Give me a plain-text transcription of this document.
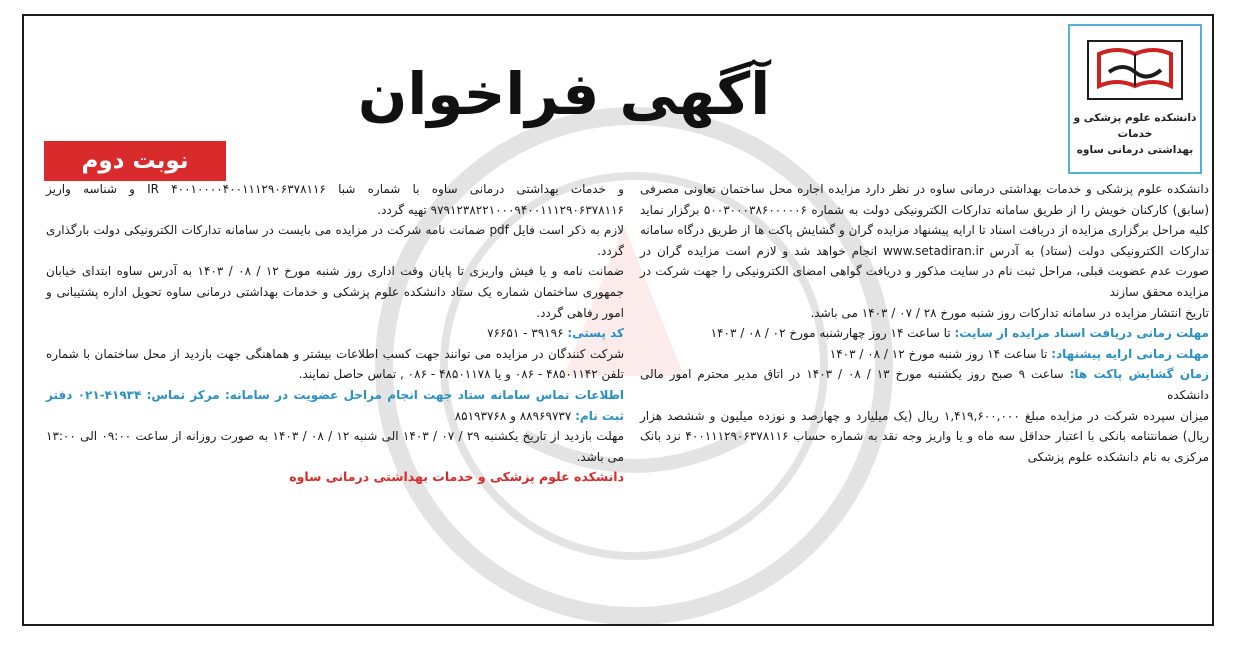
دانشکده علوم پزشکی و خدمات
بهداشتی درمانی ساوه
آگهی فراخوان
نوبت دوم

دانشکده علوم پزشکی و خدمات بهداشتی درمانی ساوه در نظر دارد مزایده اجاره محل ساختمان تعاونی مصرفی (سابق) کارکنان خویش را از طریق سامانه تدارکات الکترونیکی دولت به شماره ۵۰۰۳۰۰۰۳۸۶۰۰۰۰۰۶ برگزار نماید کلیه مراحل برگزاری مزایده از دریافت اسناد تا ارایه پیشنهاد مزایده گران و گشایش پاکت ها از طریق درگاه سامانه تدارکات الکترونیکی دولت (ستاد) به آدرس www.setadiran.ir انجام خواهد شد و لازم است مزایده گران در صورت عدم عضویت قبلی، مراحل ثبت نام در سایت مذکور و دریافت گواهی امضای الکترونیکی را جهت شرکت در مزایده محقق سازند

تاریخ انتشار مزایده در سامانه تدارکات روز شنبه مورخ ۲۸ / ۰۷ / ۱۴۰۳ می باشد.

مهلت زمانی دریافت اسناد مزایده از سایت: تا ساعت ۱۴ روز چهارشنبه مورخ ۰۲ / ۰۸ / ۱۴۰۳

مهلت زمانی ارایه پیشنهاد: تا ساعت ۱۴ روز شنبه مورخ ۱۲ / ۰۸ / ۱۴۰۳

زمان گشایش پاکت ها: ساعت ۹ صبح روز یکشنبه مورخ ۱۳ / ۰۸ / ۱۴۰۳ در اتاق مدیر محترم امور مالی دانشکده

میزان سپرده شرکت در مزایده مبلغ ۱,۴۱۹,۶۰۰,۰۰۰ ریال (یک میلیارد و چهارصد و نوزده میلیون و ششصد هزار ریال) ضمانتنامه بانکی با اعتبار حداقل سه ماه و یا واریز وجه نقد به شماره حساب ۴۰۰۱۱۱۲۹۰۶۳۷۸۱۱۶ نزد بانک مرکزی به نام دانشکده علوم پزشکی

و خدمات بهداشتی درمانی ساوه با شماره شبا IR ۴۰۰۱۰۰۰۰۴۰۰۱۱۱۲۹۰۶۳۷۸۱۱۶ و شناسه واریز ۹۷۹۱۲۳۸۲۲۱۰۰۰۹۴۰۰۱۱۱۲۹۰۶۳۷۸۱۱۶ تهیه گردد.

لازم به ذکر است فایل pdf ضمانت نامه شرکت در مزایده می بایست در سامانه تدارکات الکترونیکی دولت بارگذاری گردد.

ضمانت نامه و یا فیش واریزی تا پایان وقت اداری روز شنبه مورخ ۱۲ / ۰۸ / ۱۴۰۳ به آدرس ساوه ابتدای خیابان جمهوری ساختمان شماره یک ستاد دانشکده علوم پزشکی و خدمات بهداشتی درمانی ساوه تحویل اداره پشتیبانی و امور رفاهی گردد.

کد پستی: ۳۹۱۹۶ - ۷۶۶۵۱

شرکت کنندگان در مزایده می توانند جهت کسب اطلاعات بیشتر و هماهنگی جهت بازدید از محل ساختمان با شماره تلفن ۴۸۵۰۱۱۴۲ - ۰۸۶ و یا ۴۸۵۰۱۱۷۸ - ۰۸۶ , تماس حاصل نمایند.

اطلاعات تماس سامانه ستاد جهت انجام مراحل عضویت در سامانه: مرکز تماس: ۴۱۹۳۴-۰۲۱ دفتر ثبت نام: ۸۸۹۶۹۷۳۷ و ۸۵۱۹۳۷۶۸

مهلت بازدید از تاریخ یکشنبه ۲۹ / ۰۷ / ۱۴۰۳ الی شنبه ۱۲ / ۰۸ / ۱۴۰۳ به صورت روزانه از ساعت ۰۹:۰۰ الی ۱۳:۰۰ می باشد.

دانشکده علوم پزشکی و خدمات بهداشتی درمانی ساوه
